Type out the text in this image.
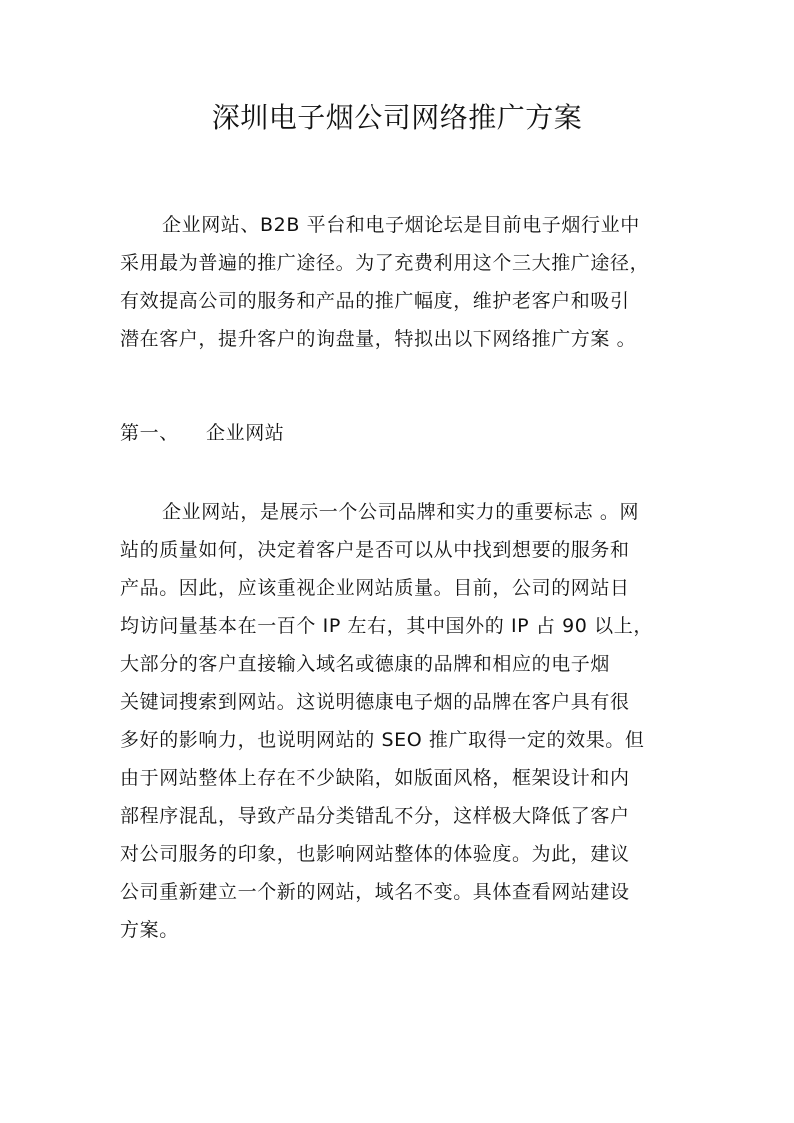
深圳电子烟公司网络推广方案
企业网站、B2B 平台和电子烟论坛是目前电子烟行业中
采用最为普遍的推广途径。为了充费利用这个三大推广途径，
有效提高公司的服务和产品的推广幅度，维护老客户和吸引
潜在客户，提升客户的询盘量，特拟出以下网络推广方案 。
第一、 企业网站
企业网站，是展示一个公司品牌和实力的重要标志 。网
站的质量如何，决定着客户是否可以从中找到想要的服务和
产品。因此，应该重视企业网站质量。目前，公司的网站日
均访问量基本在一百个 IP 左右，其中国外的 IP 占 90 以上，
大部分的客户直接输入域名或德康的品牌和相应的电子烟
关键词搜索到网站。这说明德康电子烟的品牌在客户具有很
多好的影响力，也说明网站的 SEO 推广取得一定的效果。但
由于网站整体上存在不少缺陷，如版面风格，框架设计和内
部程序混乱，导致产品分类错乱不分，这样极大降低了客户
对公司服务的印象，也影响网站整体的体验度。为此，建议
公司重新建立一个新的网站，域名不变。具体查看网站建设
方案。
